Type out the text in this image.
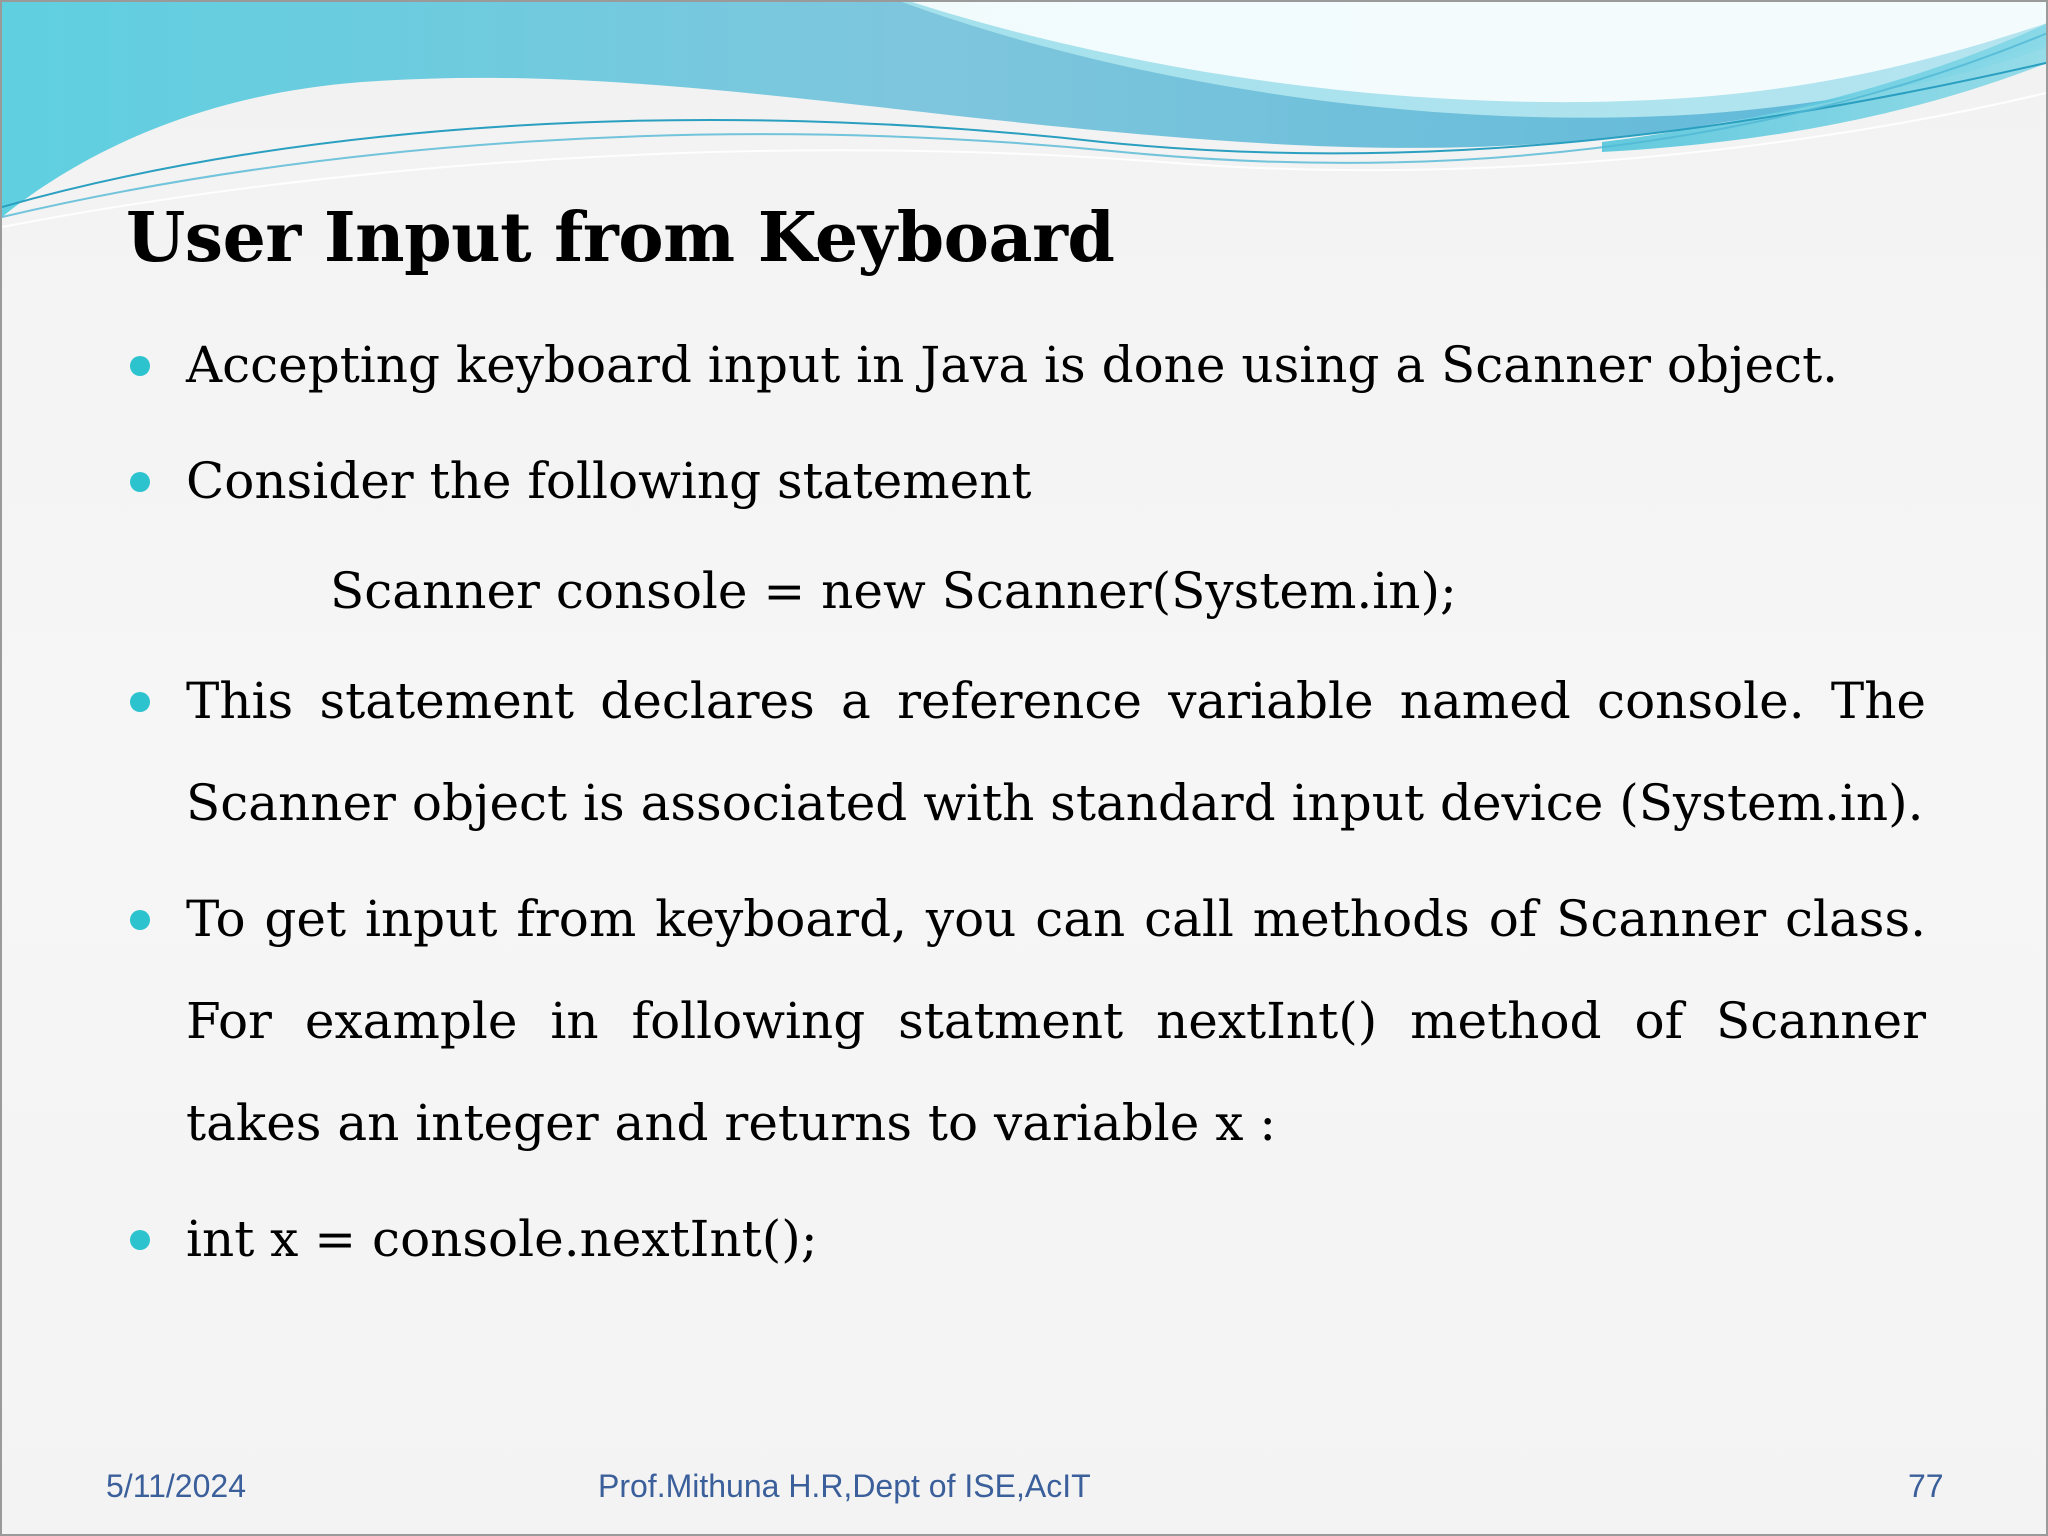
User Input from Keyboard
Accepting keyboard input in Java is done using a Scanner object.
Consider the following statement
Scanner console = new Scanner(System.in);
This statement declares a reference variable named console. The Scanner object is associated with standard input device (System.in).
To get input from keyboard, you can call methods of Scanner class. For example in following statment nextInt() method of Scanner takes an integer and returns to variable x :
int x = console.nextInt();
5/11/2024	Prof.Mithuna H.R,Dept of ISE,AcIT	77
